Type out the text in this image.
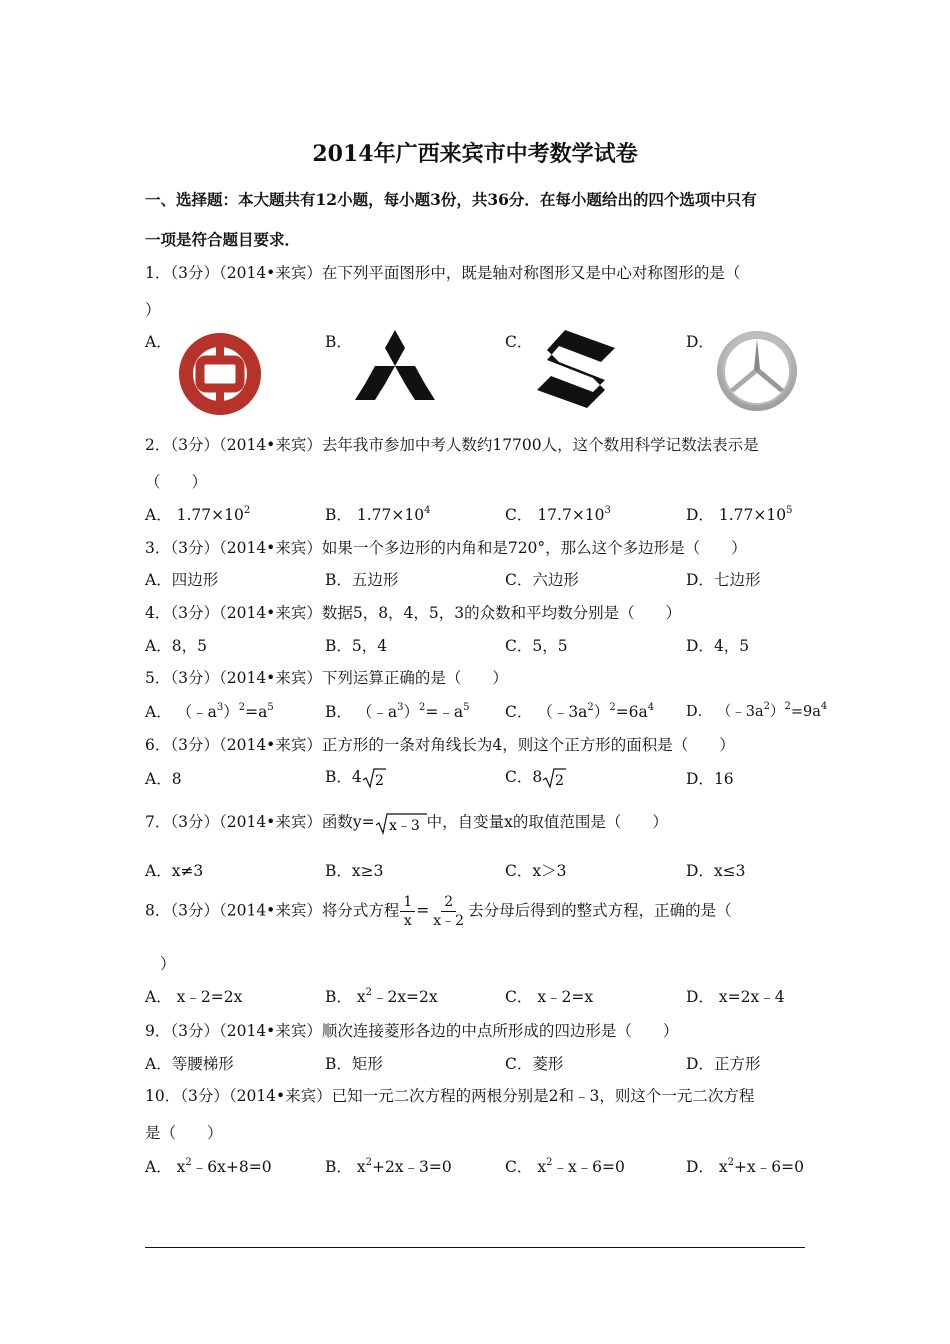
2014年广西来宾市中考数学试卷
一、选择题：本大题共有12小题，每小题3份，共36分．在每小题给出的四个选项中只有
一项是符合题目要求．
1．（3分）（2014•来宾）在下列平面图形中，既是轴对称图形又是中心对称图形的是（
）
A．	B．	C．	D．
2．（3分）（2014•来宾）去年我市参加中考人数约17700人，这个数用科学记数法表示是
（　　）
A． $1.77\times 10^2$	B． $1.77\times 10^4$	C． $17.7\times 10^3$	D． $1.77\times 10^5$
3．（3分）（2014•来宾）如果一个多边形的内角和是720°，那么这个多边形是（　　）
A．四边形	B．五边形	C．六边形	D．七边形
4．（3分）（2014•来宾）数据5，8，4，5，3的众数和平均数分别是（　　）
A．8，5	B．5，4	C．5，5	D．4，5
5．（3分）（2014•来宾）下列运算正确的是（　　）
A． $(﹣a^3)^2=a^5$	B． $(﹣a^3)^2=﹣a^5$ C． $(﹣3a^2)^2=6a^4$ D． $(﹣3a^2)^2=9a^4$
6．（3分）（2014•来宾）正方形的一条对角线长为4，则这个正方形的面积是（　　）
A．8	B．4 2	C．8 2	D．16
7．（3分）（2014•来宾）函数y= x﹣3 中，自变量x的取值范围是（　　）
A．x≠3	B．x≥3	C．x＞3	D．x≤3
8．（3分）（2014•来宾）将分式方程 $\frac{1}{x} = \frac{2}{x﹣2}$ 去分母后得到的整式方程，正确的是（
）
A． x﹣2=2x	B． $x^2﹣2x=2x$	C． x﹣2=x	D． x=2x﹣4
9．（3分）（2014•来宾）顺次连接菱形各边的中点所形成的四边形是（　　）
A．等腰梯形	B．矩形	C．菱形	D．正方形
10．（3分）（2014•来宾）已知一元二次方程的两根分别是2和﹣3，则这个一元二次方程
是（　　）
A． $x^2﹣6x+8=0$	B． $x^2+2x﹣3=0$	C． $x^2﹣x﹣6=0$	D． $x^2+x﹣6=0$
